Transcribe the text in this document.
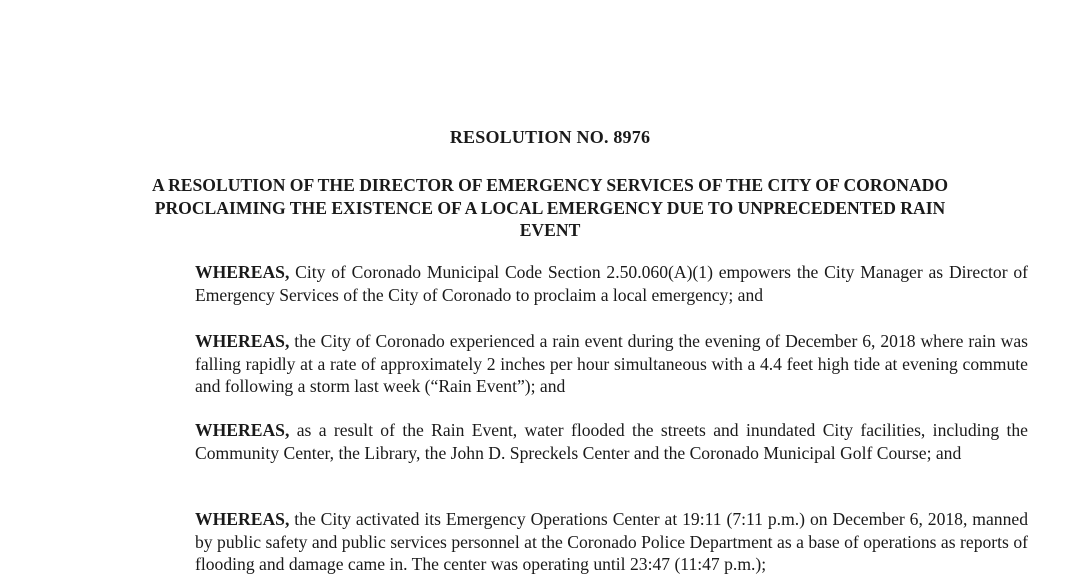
RESOLUTION NO. 8976

A RESOLUTION OF THE DIRECTOR OF EMERGENCY SERVICES OF THE CITY OF CORONADO PROCLAIMING THE EXISTENCE OF A LOCAL EMERGENCY DUE TO UNPRECEDENTED RAIN EVENT

WHEREAS, City of Coronado Municipal Code Section 2.50.060(A)(1) empowers the City Manager as Director of Emergency Services of the City of Coronado to proclaim a local emergency; and

WHEREAS, the City of Coronado experienced a rain event during the evening of December 6, 2018 where rain was falling rapidly at a rate of approximately 2 inches per hour simultaneous with a 4.4 feet high tide at evening commute and following a storm last week (“Rain Event”); and

WHEREAS, as a result of the Rain Event, water flooded the streets and inundated City facilities, including the Community Center, the Library, the John D. Spreckels Center and the Coronado Municipal Golf Course; and

WHEREAS, the City activated its Emergency Operations Center at 19:11 (7:11 p.m.) on December 6, 2018, manned by public safety and public services personnel at the Coronado Police Department as a base of operations as reports of flooding and damage came in. The center was operating until 23:47 (11:47 p.m.);
